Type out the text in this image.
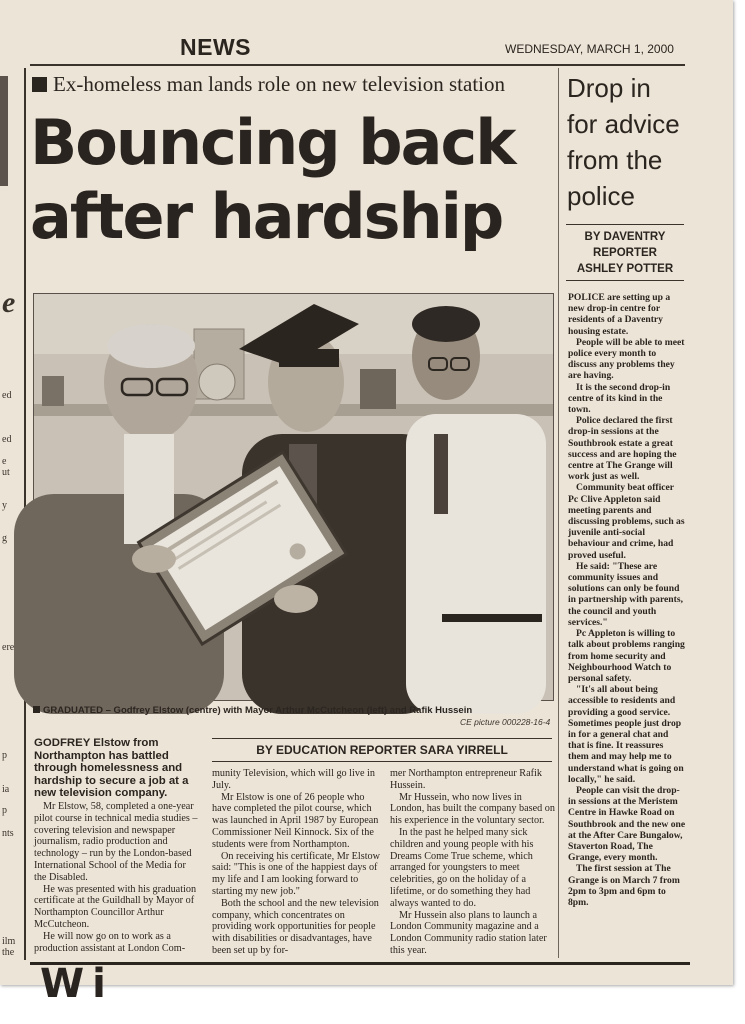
e
ed
ed
e
ut
y
g
ere
p
ia
p
nts
ilm
the
NEWS	WEDNESDAY, MARCH 1, 2000
Ex-homeless man lands role on new television station
Bouncing back
after hardship
GRADUATED – Godfrey Elstow (centre) with Mayor Arthur McCutcheon (left) and Rafik Hussein
CE picture 000228-16-4
GODFREY Elstow from Northampton has battled through homelessness and hardship to secure a job at a new television company.

Mr Elstow, 58, completed a one-year pilot course in technical media studies – covering television and newspaper journalism, radio production and technology – run by the London-based International School of the Media for the Disabled.

He was presented with his graduation certificate at the Guildhall by Mayor of Northampton Councillor Arthur McCutcheon.

He will now go on to work as a production assistant at London Com-

BY EDUCATION REPORTER SARA YIRRELL

munity Television, which will go live in July.

Mr Elstow is one of 26 people who have completed the pilot course, which was launched in April 1987 by European Commissioner Neil Kinnock. Six of the students were from Northampton.

On receiving his certificate, Mr Elstow said: "This is one of the happiest days of my life and I am looking forward to starting my new job."

Both the school and the new television company, which concentrates on providing work opportunities for people with disabilities or disadvantages, have been set up by for-

mer Northampton entrepreneur Rafik Hussein.

Mr Hussein, who now lives in London, has built the company based on his experience in the voluntary sector.

In the past he helped many sick children and young people with his Dreams Come True scheme, which arranged for youngsters to meet celebrities, go on the holiday of a lifetime, or do something they had always wanted to do.

Mr Hussein also plans to launch a London Community magazine and a London Community radio station later this year.

Drop in for advice from the police
BY DAVENTRY
REPORTER
ASHLEY POTTER

POLICE are setting up a new drop-in centre for residents of a Daventry housing estate.

People will be able to meet police every month to discuss any problems they are having.

It is the second drop-in centre of its kind in the town.

Police declared the first drop-in sessions at the Southbrook estate a great success and are hoping the centre at The Grange will work just as well.

Community beat officer Pc Clive Appleton said meeting parents and discussing problems, such as juvenile anti-social behaviour and crime, had proved useful.

He said: "These are community issues and solutions can only be found in partnership with parents, the council and youth services."

Pc Appleton is willing to talk about problems ranging from home security and Neighbourhood Watch to personal safety.

"It's all about being accessible to residents and providing a good service. Sometimes people just drop in for a general chat and that is fine. It reassures them and may help me to understand what is going on locally," he said.

People can visit the drop-in sessions at the Meristem Centre in Hawke Road on Southbrook and the new one at the After Care Bungalow, Staverton Road, The Grange, every month.

The first session at The Grange is on March 7 from 2pm to 3pm and 6pm to 8pm.

Wi
